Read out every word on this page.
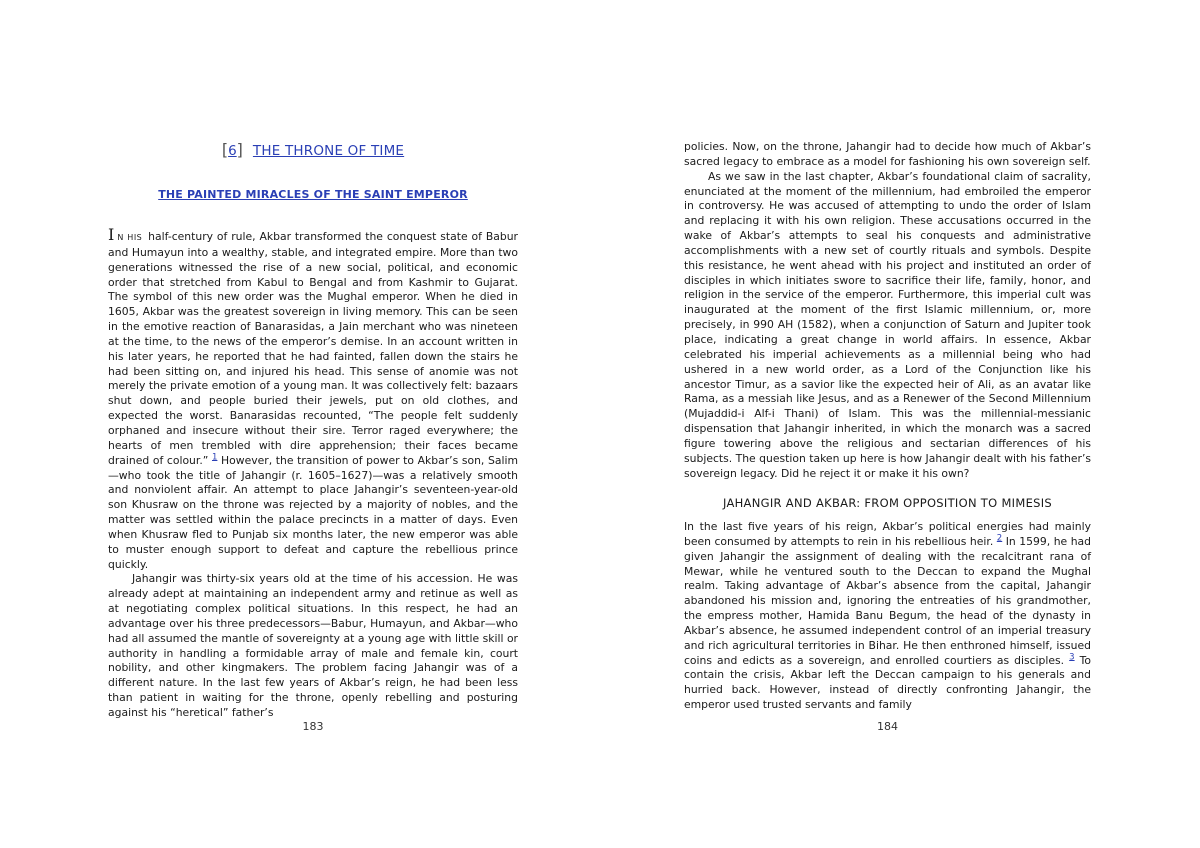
[6] THE THRONE OF TIME
THE PAINTED MIRACLES OF THE SAINT EMPEROR

I N HIS half-century of rule, Akbar transformed the conquest state of Babur and Humayun into a wealthy, stable, and integrated empire. More than two generations witnessed the rise of a new social, political, and economic order that stretched from Kabul to Bengal and from Kashmir to Gujarat. The symbol of this new order was the Mughal emperor. When he died in 1605, Akbar was the greatest sovereign in living memory. This can be seen in the emotive reaction of Banarasidas, a Jain merchant who was nineteen at the time, to the news of the emperor’s demise. In an account written in his later years, he reported that he had fainted, fallen down the stairs he had been sitting on, and injured his head. This sense of anomie was not merely the private emotion of a young man. It was collectively felt: bazaars shut down, and people buried their jewels, put on old clothes, and expected the worst. Banarasidas recounted, “The people felt suddenly orphaned and insecure without their sire. Terror raged everywhere; the hearts of men trembled with dire apprehension; their faces became drained of colour.” $^1$ However, the transition of power to Akbar’s son, Salim—who took the title of Jahangir (r. 1605–1627)—was a relatively smooth and nonviolent affair. An attempt to place Jahangir’s seventeen-year-old son Khusraw on the throne was rejected by a majority of nobles, and the matter was settled within the palace precincts in a matter of days. Even when Khusraw fled to Punjab six months later, the new emperor was able to muster enough support to defeat and capture the rebellious prince quickly.

Jahangir was thirty-six years old at the time of his accession. He was already adept at maintaining an independent army and retinue as well as at negotiating complex political situations. In this respect, he had an advantage over his three predecessors—Babur, Humayun, and Akbar—who had all assumed the mantle of sovereignty at a young age with little skill or authority in handling a formidable array of male and female kin, court nobility, and other kingmakers. The problem facing Jahangir was of a different nature. In the last few years of Akbar’s reign, he had been less than patient in waiting for the throne, openly rebelling and posturing against his “heretical” father’s

183

policies. Now, on the throne, Jahangir had to decide how much of Akbar’s sacred legacy to embrace as a model for fashioning his own sovereign self.

As we saw in the last chapter, Akbar’s foundational claim of sacrality, enunciated at the moment of the millennium, had embroiled the emperor in controversy. He was accused of attempting to undo the order of Islam and replacing it with his own religion. These accusations occurred in the wake of Akbar’s attempts to seal his conquests and administrative accomplishments with a new set of courtly rituals and symbols. Despite this resistance, he went ahead with his project and instituted an order of disciples in which initiates swore to sacrifice their life, family, honor, and religion in the service of the emperor. Furthermore, this imperial cult was inaugurated at the moment of the first Islamic millennium, or, more precisely, in 990 AH (1582), when a conjunction of Saturn and Jupiter took place, indicating a great change in world affairs. In essence, Akbar celebrated his imperial achievements as a millennial being who had ushered in a new world order, as a Lord of the Conjunction like his ancestor Timur, as a savior like the expected heir of Ali, as an avatar like Rama, as a messiah like Jesus, and as a Renewer of the Second Millennium (Mujaddid-i Alf-i Thani) of Islam. This was the millennial-messianic dispensation that Jahangir inherited, in which the monarch was a sacred figure towering above the religious and sectarian differences of his subjects. The question taken up here is how Jahangir dealt with his father’s sovereign legacy. Did he reject it or make it his own?

JAHANGIR AND AKBAR: FROM OPPOSITION TO MIMESIS

In the last five years of his reign, Akbar’s political energies had mainly been consumed by attempts to rein in his rebellious heir. $^2$ In 1599, he had given Jahangir the assignment of dealing with the recalcitrant rana of Mewar, while he ventured south to the Deccan to expand the Mughal realm. Taking advantage of Akbar’s absence from the capital, Jahangir abandoned his mission and, ignoring the entreaties of his grandmother, the empress mother, Hamida Banu Begum, the head of the dynasty in Akbar’s absence, he assumed independent control of an imperial treasury and rich agricultural territories in Bihar. He then enthroned himself, issued coins and edicts as a sovereign, and enrolled courtiers as disciples. $^3$ To contain the crisis, Akbar left the Deccan campaign to his generals and hurried back. However, instead of directly confronting Jahangir, the emperor used trusted servants and family

184
